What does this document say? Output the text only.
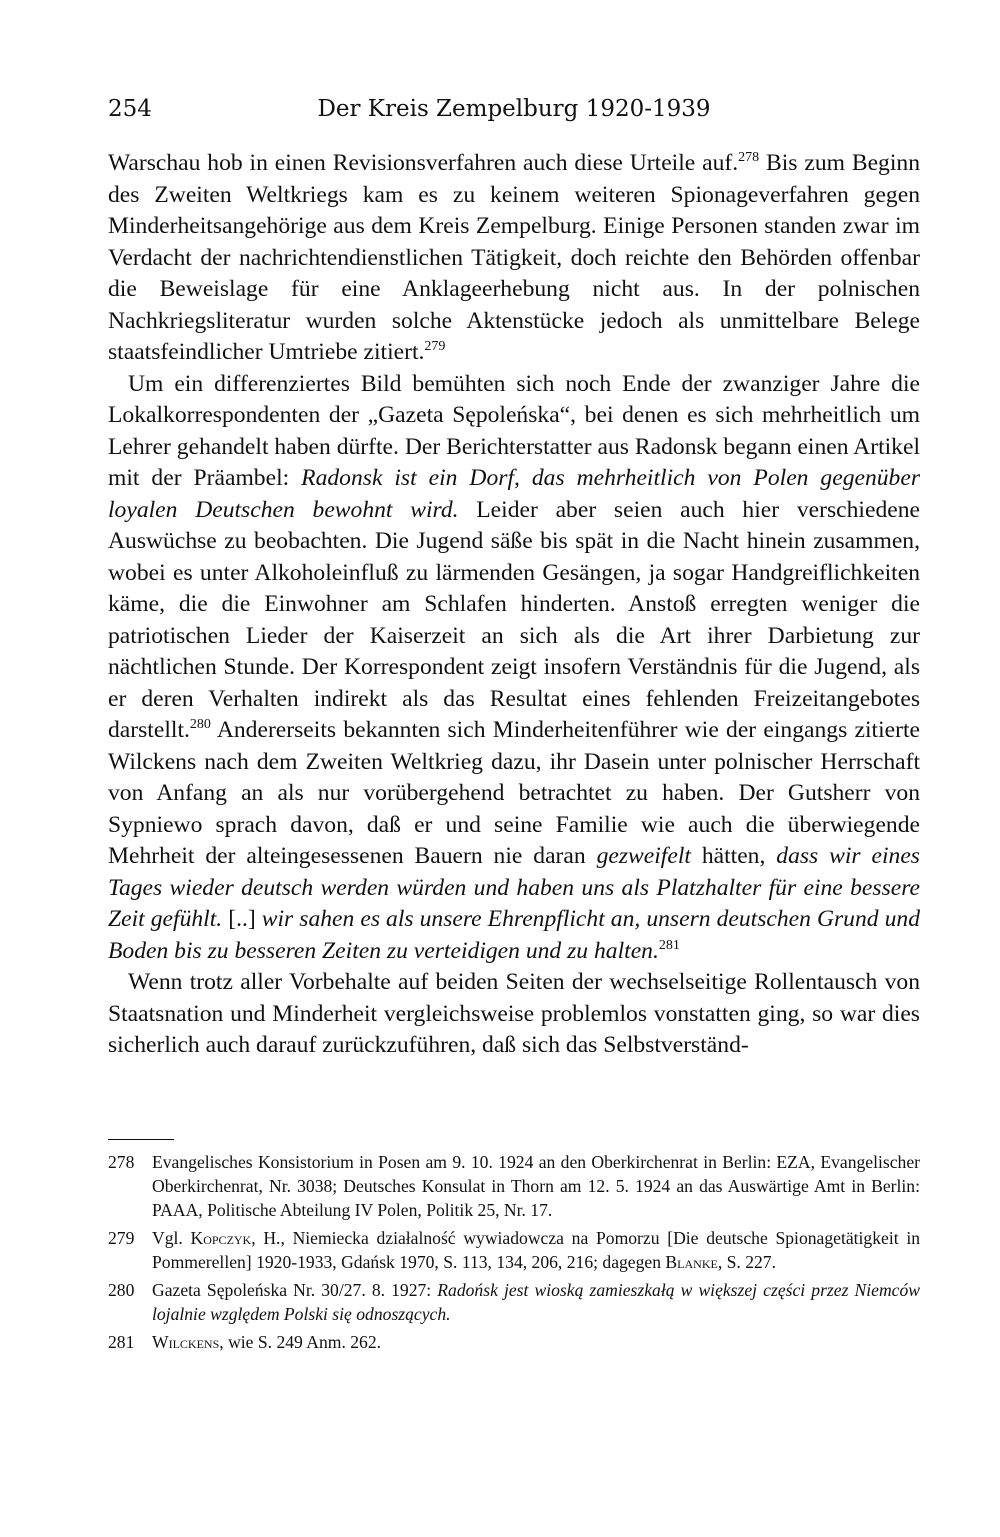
254	Der Kreis Zempelburg 1920-1939

Warschau hob in einen Revisionsverfahren auch diese Urteile auf.$^{278}$ Bis zum Beginn des Zweiten Weltkriegs kam es zu keinem weiteren Spionageverfahren gegen Minderheitsangehörige aus dem Kreis Zempelburg. Einige Personen standen zwar im Verdacht der nachrichtendienstlichen Tätigkeit, doch reichte den Behörden offenbar die Beweislage für eine Anklageerhebung nicht aus. In der polnischen Nachkriegsliteratur wurden solche Aktenstücke jedoch als unmittelbare Belege staatsfeindlicher Umtriebe zitiert.$^{279}$

Um ein differenziertes Bild bemühten sich noch Ende der zwanziger Jahre die Lokalkorrespondenten der „Gazeta Sępoleńska“, bei denen es sich mehrheitlich um Lehrer gehandelt haben dürfte. Der Berichterstatter aus Radonsk begann einen Artikel mit der Präambel: Radonsk ist ein Dorf, das mehrheitlich von Polen gegenüber loyalen Deutschen bewohnt wird. Leider aber seien auch hier verschiedene Auswüchse zu beobachten. Die Jugend säße bis spät in die Nacht hinein zusammen, wobei es unter Alkoholeinfluß zu lärmenden Gesängen, ja sogar Handgreiflichkeiten käme, die die Einwohner am Schlafen hinderten. Anstoß erregten weniger die patriotischen Lieder der Kaiserzeit an sich als die Art ihrer Darbietung zur nächtlichen Stunde. Der Korrespondent zeigt insofern Verständnis für die Jugend, als er deren Verhalten indirekt als das Resultat eines fehlenden Freizeitangebotes darstellt.$^{280}$ Andererseits bekannten sich Minderheitenführer wie der eingangs zitierte Wilckens nach dem Zweiten Weltkrieg dazu, ihr Dasein unter polnischer Herrschaft von Anfang an als nur vorübergehend betrachtet zu haben. Der Gutsherr von Sypniewo sprach davon, daß er und seine Familie wie auch die überwiegende Mehrheit der alteingesessenen Bauern nie daran gezweifelt hätten, dass wir eines Tages wieder deutsch werden würden und haben uns als Platzhalter für eine bessere Zeit gefühlt. [..] wir sahen es als unsere Ehrenpflicht an, unsern deutschen Grund und Boden bis zu besseren Zeiten zu verteidigen und zu halten.$^{281}$

Wenn trotz aller Vorbehalte auf beiden Seiten der wechselseitige Rollentausch von Staatsnation und Minderheit vergleichsweise problemlos vonstatten ging, so war dies sicherlich auch darauf zurückzuführen, daß sich das Selbstverständ-

278 Evangelisches Konsistorium in Posen am 9. 10. 1924 an den Oberkirchenrat in Berlin: EZA, Evangelischer Oberkirchenrat, Nr. 3038; Deutsches Konsulat in Thorn am 12. 5. 1924 an das Auswärtige Amt in Berlin: PAAA, Politische Abteilung IV Polen, Politik 25, Nr. 17.
279 Vgl. Kopczyk, H., Niemiecka działalność wywiadowcza na Pomorzu [Die deutsche Spionagetätigkeit in Pommerellen] 1920-1933, Gdańsk 1970, S. 113, 134, 206, 216; dagegen Blanke, S. 227.
280 Gazeta Sępoleńska Nr. 30/27. 8. 1927: Radońsk jest wioską zamieszkałą w większej części przez Niemców lojalnie względem Polski się odnoszących.
281 Wilckens, wie S. 249 Anm. 262.
